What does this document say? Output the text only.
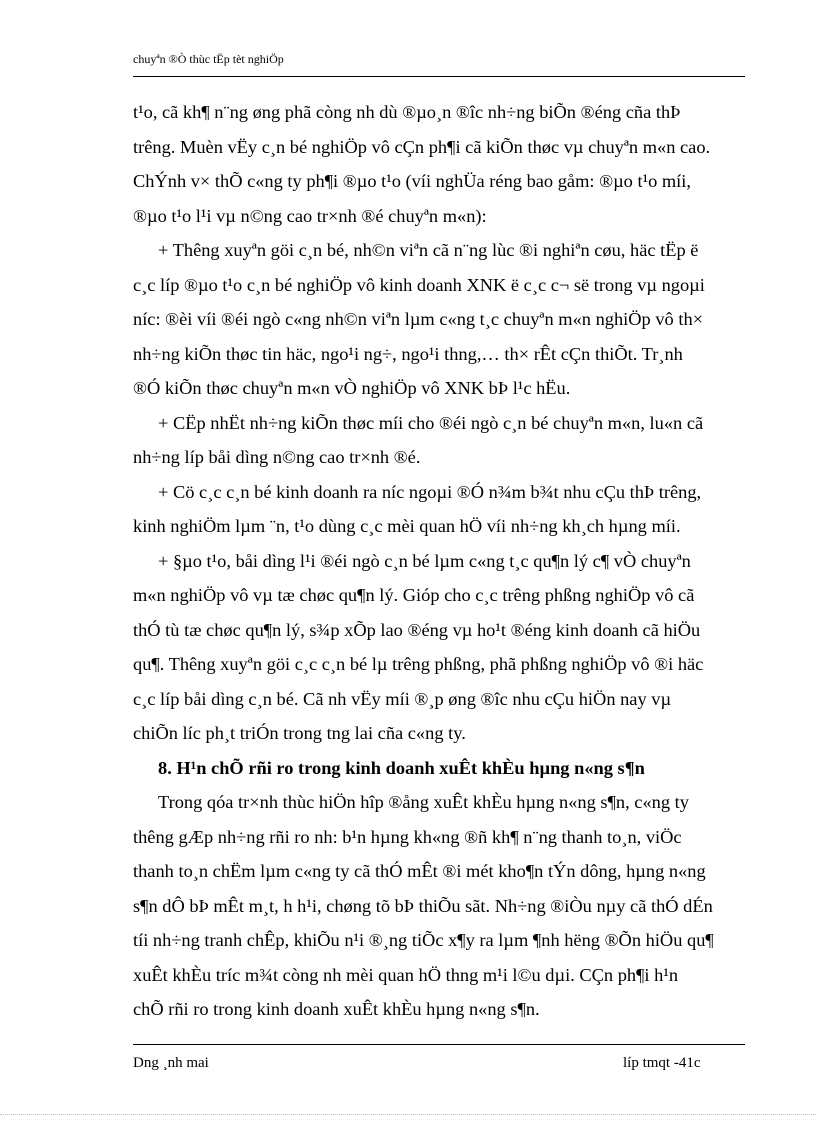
chuyªn ®Ò thùc tËp tèt nghiÖp
t¹o, cã kh¶ n¨ng øng phã còng nh dù ®µo¸n ®îc nh÷ng biÕn ®éng cña thÞ
trêng. Muèn vËy c¸n bé nghiÖp vô cÇn ph¶i cã kiÕn thøc vµ chuyªn m«n cao.
ChÝnh v× thÕ c«ng ty ph¶i ®µo t¹o (víi nghÜa réng bao gåm: ®µo t¹o míi,
®µo t¹o l¹i vµ n©ng cao tr×nh ®é chuyªn m«n):
+ Thêng xuyªn göi c¸n bé, nh©n viªn cã n¨ng lùc ®i nghiªn cøu, häc tËp ë
c¸c líp ®µo t¹o c¸n bé nghiÖp vô kinh doanh XNK ë c¸c c¬ së trong vµ ngoµi
níc: ®èi víi ®éi ngò c«ng nh©n viªn lµm c«ng t¸c chuyªn m«n nghiÖp vô th×
nh÷ng kiÕn thøc tin häc, ngo¹i ng÷, ngo¹i thng,… th× rÊt cÇn thiÕt. Tr¸nh
®Ó kiÕn thøc chuyªn m«n vÒ nghiÖp vô XNK bÞ l¹c hËu.
+ CËp nhËt nh÷ng kiÕn thøc míi cho ®éi ngò c¸n bé chuyªn m«n, lu«n cã
nh÷ng líp båi dìng n©ng cao tr×nh ®é.
+ Cö c¸c c¸n bé kinh doanh ra níc ngoµi ®Ó n¾m b¾t nhu cÇu thÞ trêng,
kinh nghiÖm lµm ¨n, t¹o dùng c¸c mèi quan hÖ víi nh÷ng kh¸ch hµng míi.
+ §µo t¹o, båi dìng l¹i ®éi ngò c¸n bé lµm c«ng t¸c qu¶n lý c¶ vÒ chuyªn
m«n nghiÖp vô vµ tæ chøc qu¶n lý. Gióp cho c¸c trêng phßng nghiÖp vô cã
thÓ tù tæ chøc qu¶n lý, s¾p xÕp lao ®éng vµ ho¹t ®éng kinh doanh cã hiÖu
qu¶. Thêng xuyªn göi c¸c c¸n bé lµ trêng phßng, phã phßng nghiÖp vô ®i häc
c¸c líp båi dìng c¸n bé. Cã nh vËy míi ®¸p øng ®îc nhu cÇu hiÖn nay vµ
chiÕn líc ph¸t triÓn trong tng lai cña c«ng ty.
8. H¹n chÕ rñi ro trong kinh doanh xuÊt khÈu hµng n«ng s¶n
Trong qóa tr×nh thùc hiÖn hîp ®ång xuÊt khÈu hµng n«ng s¶n, c«ng ty
thêng gÆp nh÷ng rñi ro nh: b¹n hµng kh«ng ®ñ kh¶ n¨ng thanh to¸n, viÖc
thanh to¸n chËm lµm c«ng ty cã thÓ mÊt ®i mét kho¶n tÝn dông, hµng n«ng
s¶n dÔ bÞ mÊt m¸t, h h¹i, chøng tõ bÞ thiÕu sãt. Nh÷ng ®iÒu nµy cã thÓ dÉn
tíi nh÷ng tranh chÊp, khiÕu n¹i ®¸ng tiÕc x¶y ra lµm ¶nh hëng ®Õn hiÖu qu¶
xuÊt khÈu tríc m¾t còng nh mèi quan hÖ thng m¹i l©u dµi. CÇn ph¶i h¹n
chÕ rñi ro trong kinh doanh xuÊt khÈu hµng n«ng s¶n.
Dng ¸nh mai	líp tmqt -41c
